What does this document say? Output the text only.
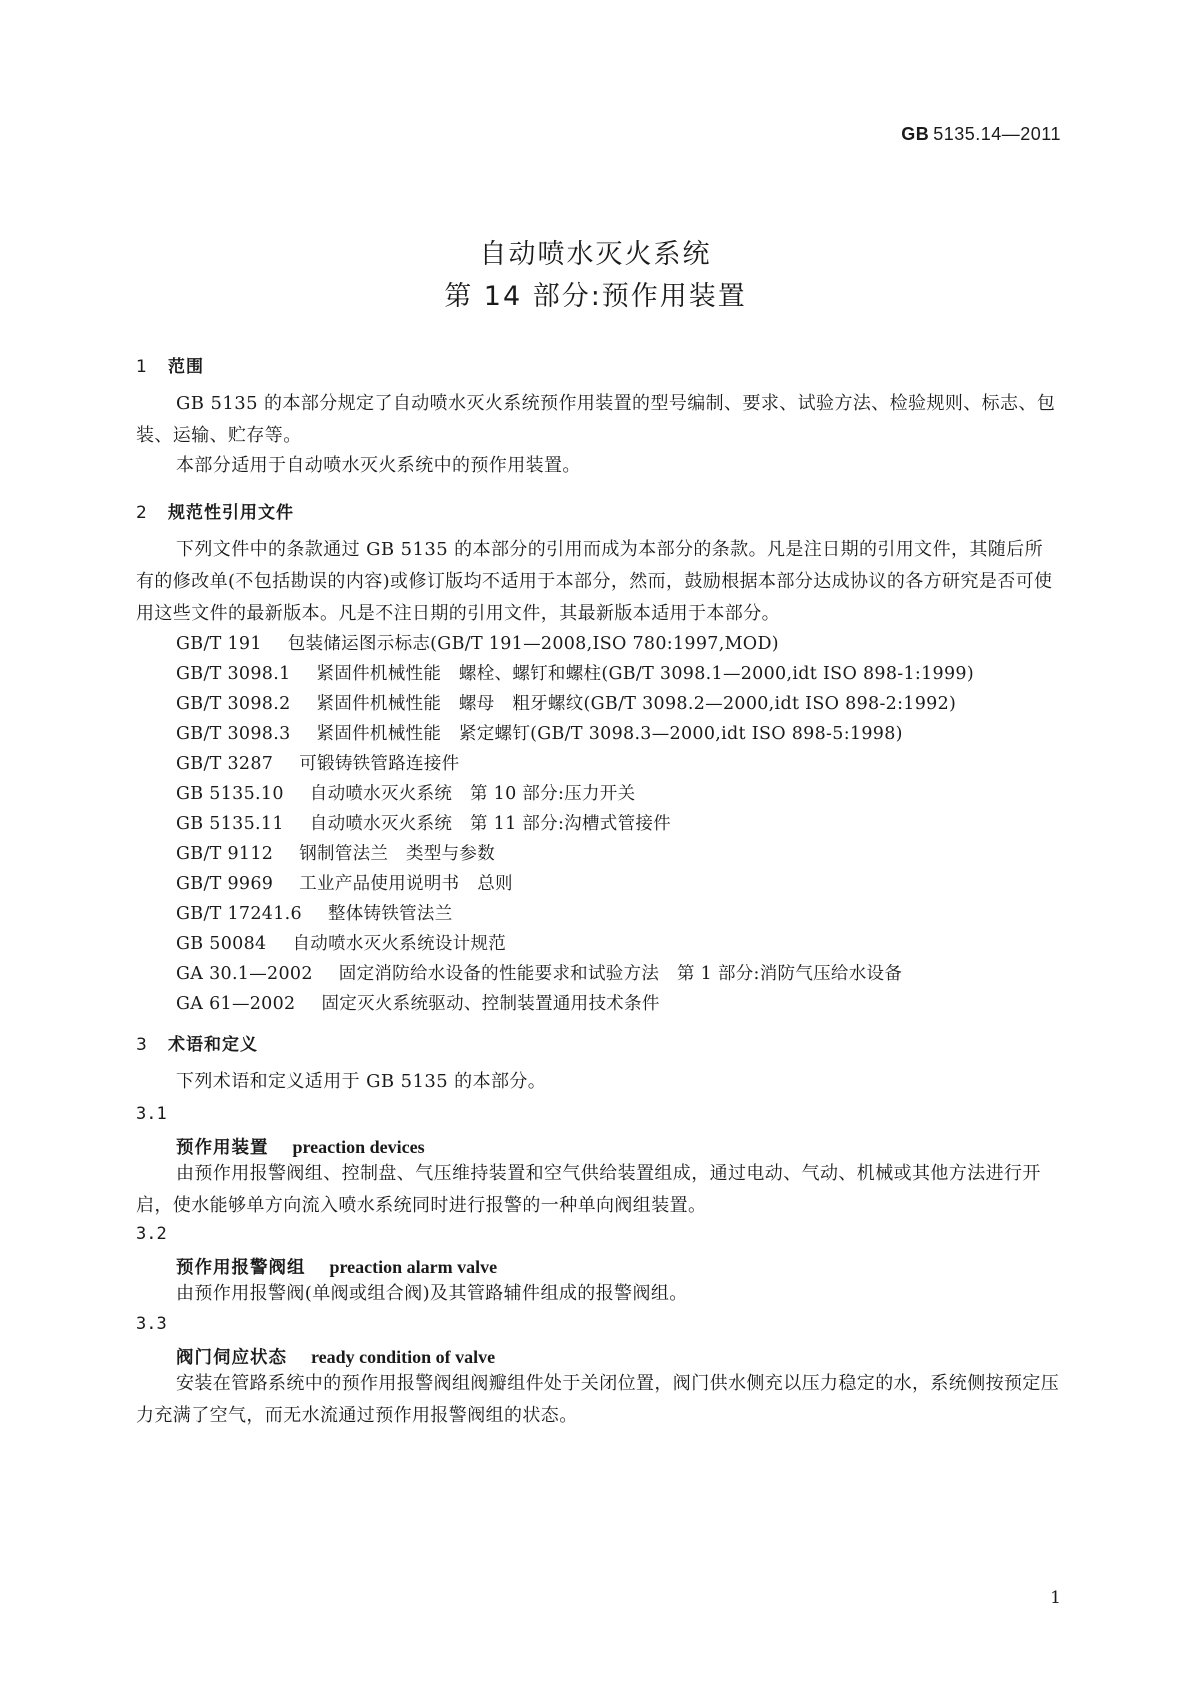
GB 5135.14—2011
自动喷水灭火系统
第 14 部分:预作用装置
1 范围
GB 5135 的本部分规定了自动喷水灭火系统预作用装置的型号编制、要求、试验方法、检验规则、标志、包装、运输、贮存等。
本部分适用于自动喷水灭火系统中的预作用装置。
2 规范性引用文件
下列文件中的条款通过 GB 5135 的本部分的引用而成为本部分的条款。凡是注日期的引用文件，其随后所有的修改单(不包括勘误的内容)或修订版均不适用于本部分，然而，鼓励根据本部分达成协议的各方研究是否可使用这些文件的最新版本。凡是不注日期的引用文件，其最新版本适用于本部分。
GB/T 191 包装储运图示标志(GB/T 191—2008,ISO 780:1997,MOD)
GB/T 3098.1 紧固件机械性能　螺栓、螺钉和螺柱(GB/T 3098.1—2000,idt ISO 898-1:1999)
GB/T 3098.2 紧固件机械性能　螺母　粗牙螺纹(GB/T 3098.2—2000,idt ISO 898-2:1992)
GB/T 3098.3 紧固件机械性能　紧定螺钉(GB/T 3098.3—2000,idt ISO 898-5:1998)
GB/T 3287 可锻铸铁管路连接件
GB 5135.10 自动喷水灭火系统　第 10 部分:压力开关
GB 5135.11 自动喷水灭火系统　第 11 部分:沟槽式管接件
GB/T 9112 钢制管法兰　类型与参数
GB/T 9969 工业产品使用说明书　总则
GB/T 17241.6 整体铸铁管法兰
GB 50084 自动喷水灭火系统设计规范
GA 30.1—2002 固定消防给水设备的性能要求和试验方法　第 1 部分:消防气压给水设备
GA 61—2002 固定灭火系统驱动、控制装置通用技术条件
3 术语和定义
下列术语和定义适用于 GB 5135 的本部分。
3.1
预作用装置 preaction devices
由预作用报警阀组、控制盘、气压维持装置和空气供给装置组成，通过电动、气动、机械或其他方法进行开启，使水能够单方向流入喷水系统同时进行报警的一种单向阀组装置。
3.2
预作用报警阀组 preaction alarm valve
由预作用报警阀(单阀或组合阀)及其管路辅件组成的报警阀组。
3.3
阀门伺应状态 ready condition of valve
安装在管路系统中的预作用报警阀组阀瓣组件处于关闭位置，阀门供水侧充以压力稳定的水，系统侧按预定压力充满了空气，而无水流通过预作用报警阀组的状态。
1
